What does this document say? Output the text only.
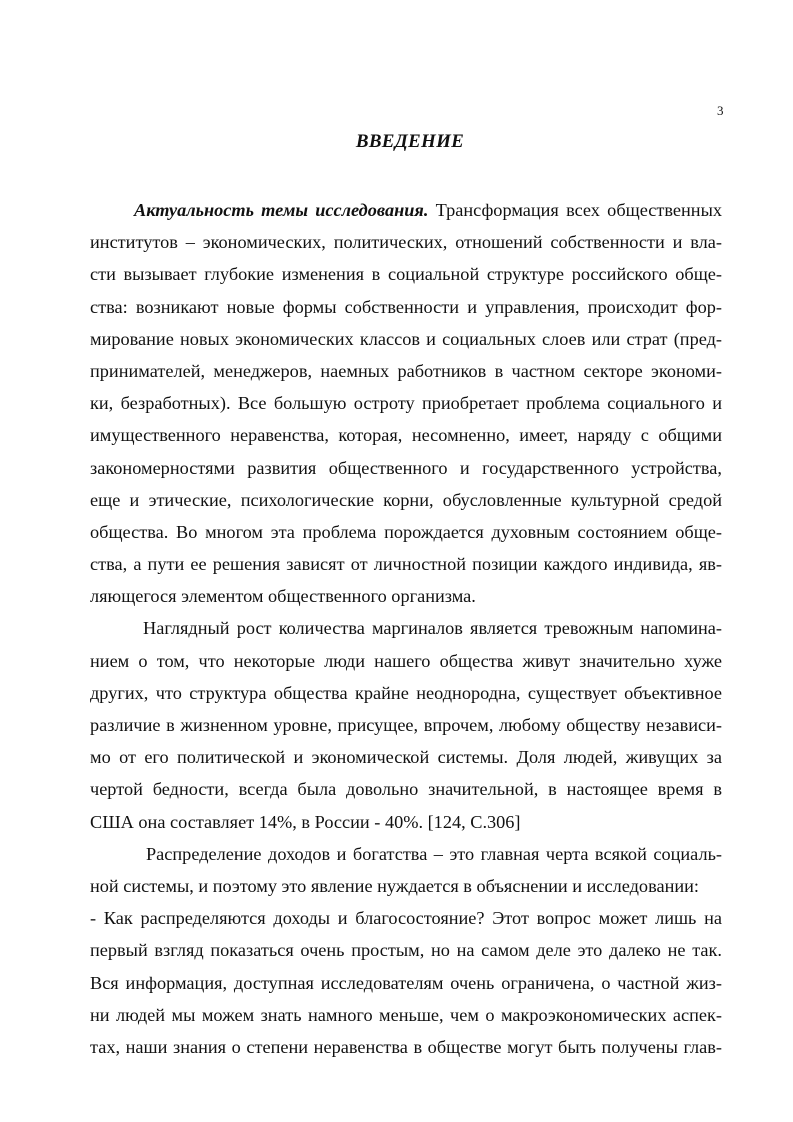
3
ВВЕДЕНИЕ
Актуальность темы исследования. Трансформация всех общественных
институтов – экономических, политических, отношений собственности и вла-
сти вызывает глубокие изменения в социальной структуре российского обще-
ства: возникают новые формы собственности и управления, происходит фор-
мирование новых экономических классов и социальных слоев или страт (пред-
принимателей, менеджеров, наемных работников в частном секторе экономи-
ки, безработных). Все большую остроту приобретает проблема социального и
имущественного неравенства, которая, несомненно, имеет, наряду с общими
закономерностями развития общественного и государственного устройства,
еще и этические, психологические корни, обусловленные культурной средой
общества. Во многом эта проблема порождается духовным состоянием обще-
ства, а пути ее решения зависят от личностной позиции каждого индивида, яв-
ляющегося элементом общественного организма.
Наглядный рост количества маргиналов является тревожным напомина-
нием о том, что некоторые люди нашего общества живут значительно хуже
других, что структура общества крайне неоднородна, существует объективное
различие в жизненном уровне, присущее, впрочем, любому обществу независи-
мо от его политической и экономической системы. Доля людей, живущих за
чертой бедности, всегда была довольно значительной, в настоящее время в
США она составляет 14%, в России - 40%. [124, С.306]
Распределение доходов и богатства – это главная черта всякой социаль-
ной системы, и поэтому это явление нуждается в объяснении и исследовании:
- Как распределяются доходы и благосостояние? Этот вопрос может лишь на
первый взгляд показаться очень простым, но на самом деле это далеко не так.
Вся информация, доступная исследователям очень ограничена, о частной жиз-
ни людей мы можем знать намного меньше, чем о макроэкономических аспек-
тах, наши знания о степени неравенства в обществе могут быть получены глав-
